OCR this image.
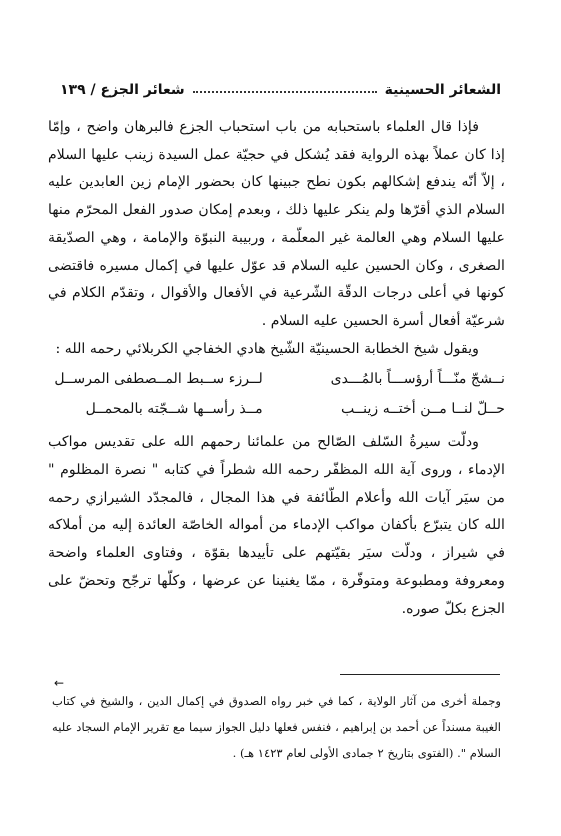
الشعائر الحسينية
شعائر الجزع / ١٣٩

فإذا قال العلماء باستحبابه من باب استحباب الجزع فالبرهان واضح ، وإمّا إذا كان عملاً بهذه الرواية فقد يُشكل في حجيّة عمل السيدة زينب عليها السلام ، إلاّ أنّه يندفع إشكالهم بكون نطح جبينها كان بحضور الإمام زين العابدين عليه السلام الذي أقرّها ولم ينكر عليها ذلك ، وبعدم إمكان صدور الفعل المحرّم منها عليها السلام وهي العالمة غير المعلّمة ، وربيبة النبوّة والإمامة ، وهي الصدّيقة الصغرى ، وكان الحسين عليه السلام قد عوّل عليها في إكمال مسيره فاقتضى كونها في أعلى درجات الدقّة الشّرعية في الأفعال والأقوال ، وتقدّم الكلام في شرعيّة أفعال أسرة الحسين عليه السلام .

ويقول شيخ الخطابة الحسينيّة الشّيخ هادي الخفاجي الكربلائي رحمه الله :

نــشجّ منّـــاً أرؤســـاً بالمُـــدى
لــرزء ســبط المــصطفى المرســل
حــلّ لنــا مــن أختــه زينــب
مــذ رأســها شــجّته بالمحمــل

ودلّت سيرةُ السّلف الصّالح من علمائنا رحمهم الله على تقديس مواكب الإدماء ، وروى آية الله المظفّر رحمه الله شطراً في كتابه " نصرة المظلوم " من سيَر آيات الله وأعلام الطّائفة في هذا المجال ، فالمجدّد الشيرازي رحمه الله كان يتبرّع بأكفان مواكب الإدماء من أمواله الخاصّة العائدة إليه من أملاكه في شيراز ، ودلّت سيَر بقيّتهم على تأييدها بقوّة ، وفتاوى العلماء واضحة ومعروفة ومطبوعة ومتوفّرة ، ممّا يغنينا عن عرضها ، وكلّها ترجّح وتحضّ على الجزع بكلّ صوره.

←

وجملة أخرى من آثار الولاية ، كما في خبر رواه الصدوق في إكمال الدين ، والشيخ في كتاب الغيبة مسنداً عن أحمد بن إبراهيم ، فنفس فعلها دليل الجواز سيما مع تقرير الإمام السجاد عليه السلام ". (الفتوى بتاريخ ٢ جمادى الأولى لعام ١٤٢٣ هـ) .
